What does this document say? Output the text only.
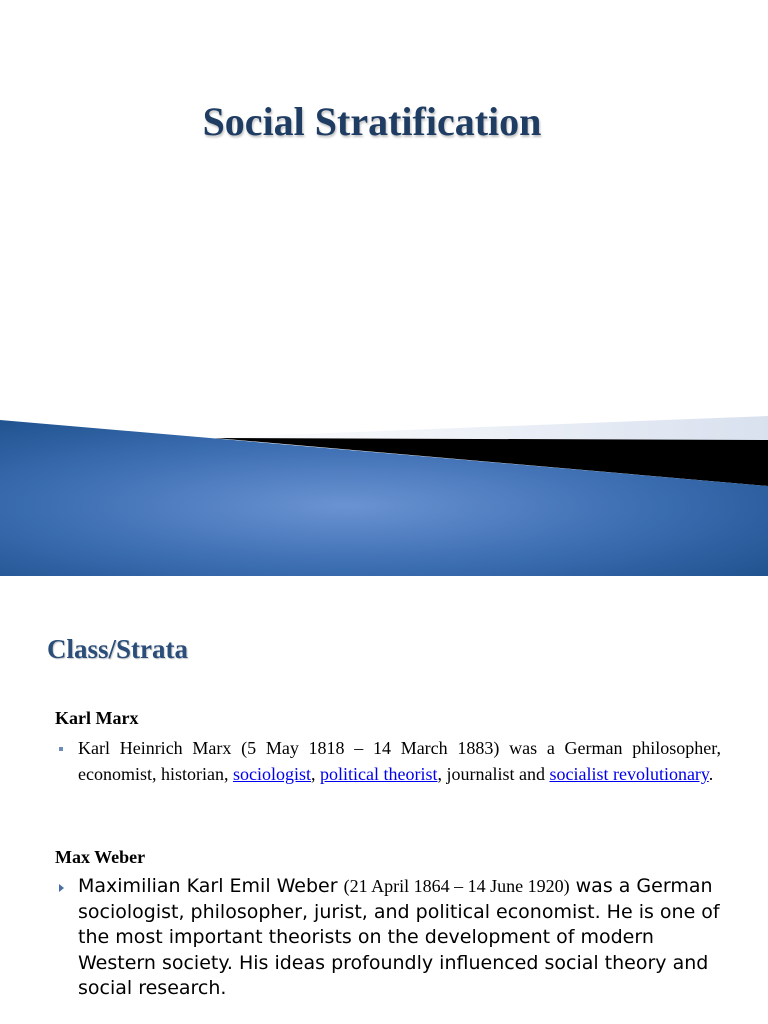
Social Stratification
Class/Strata

Karl Marx

Karl Heinrich Marx (5 May 1818 – 14 March 1883) was a German philosopher, economist, historian, sociologist, political theorist, journalist and socialist revolutionary.

Max Weber

Maximilian Karl Emil Weber (21 April 1864 – 14 June 1920) was a German sociologist, philosopher, jurist, and political economist. He is one of the most important theorists on the development of modern Western society. His ideas profoundly influenced social theory and social research.
